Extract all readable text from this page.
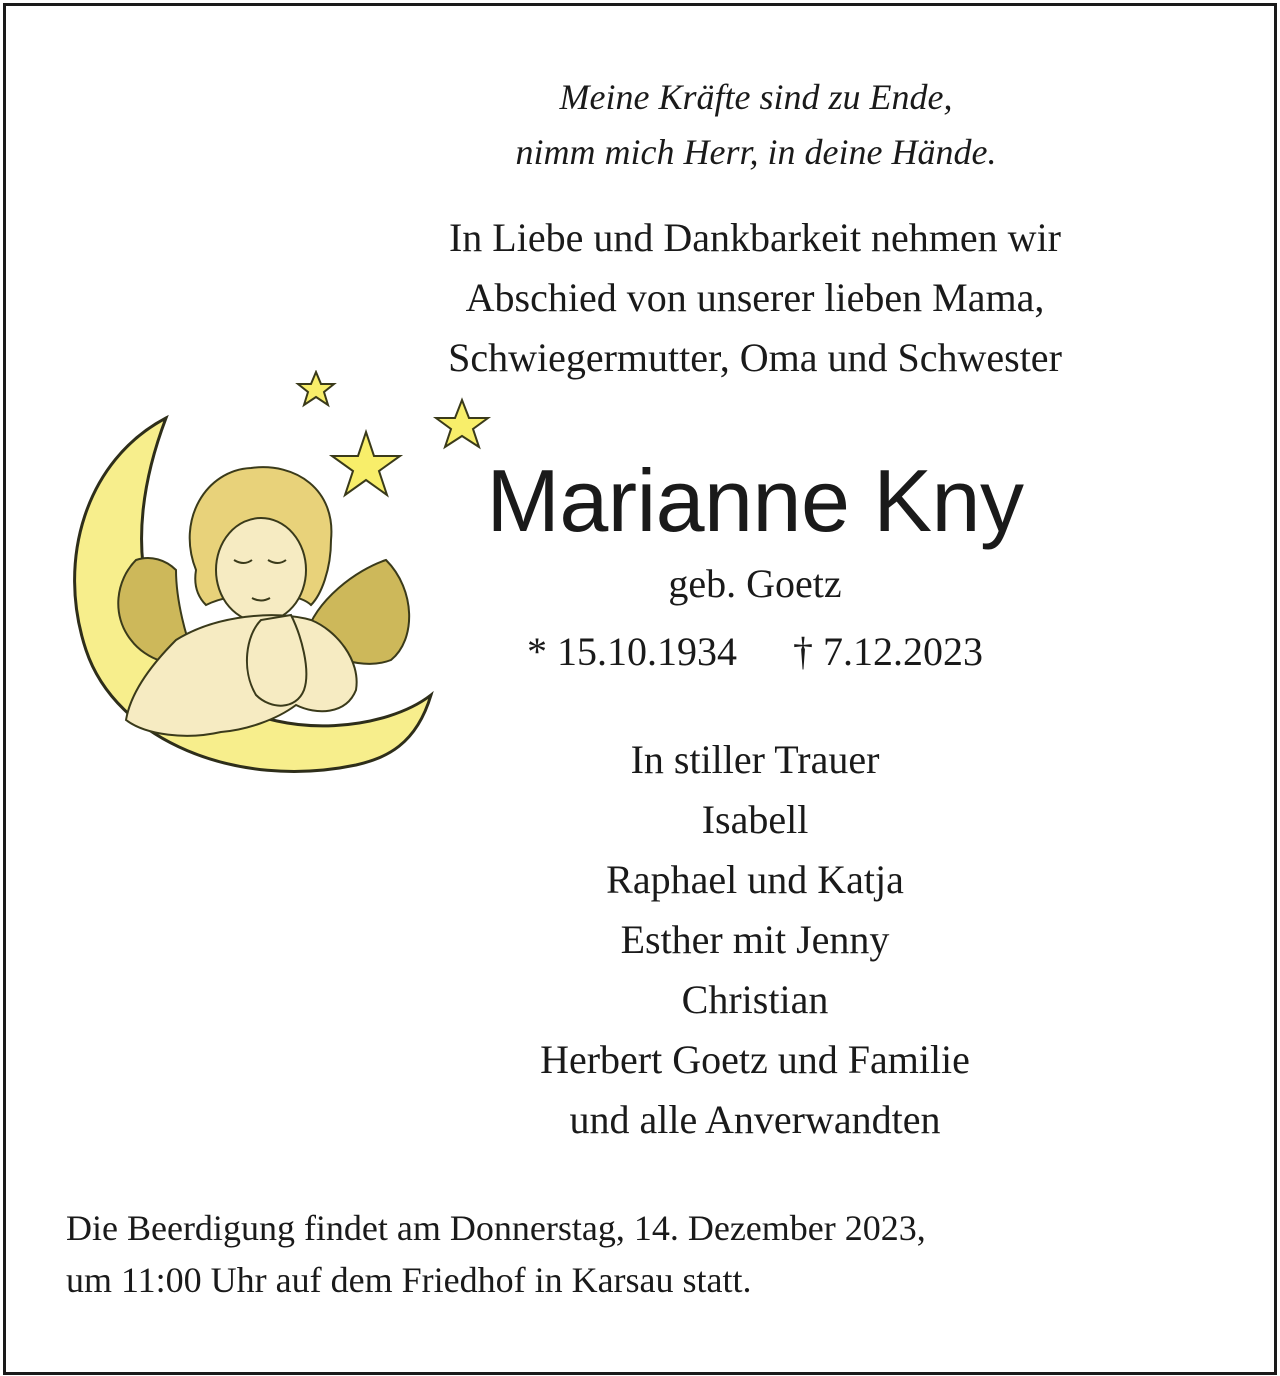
Meine Kräfte sind zu Ende,
nimm mich Herr, in deine Hände.
In Liebe und Dankbarkeit nehmen wir
Abschied von unserer lieben Mama,
Schwiegermutter, Oma und Schwester
Marianne Kny
geb. Goetz
* 15.10.1934 † 7.12.2023
In stiller Trauer
Isabell
Raphael und Katja
Esther mit Jenny
Christian
Herbert Goetz und Familie
und alle Anverwandten
Die Beerdigung findet am Donnerstag, 14. Dezember 2023,
um 11:00 Uhr auf dem Friedhof in Karsau statt.
